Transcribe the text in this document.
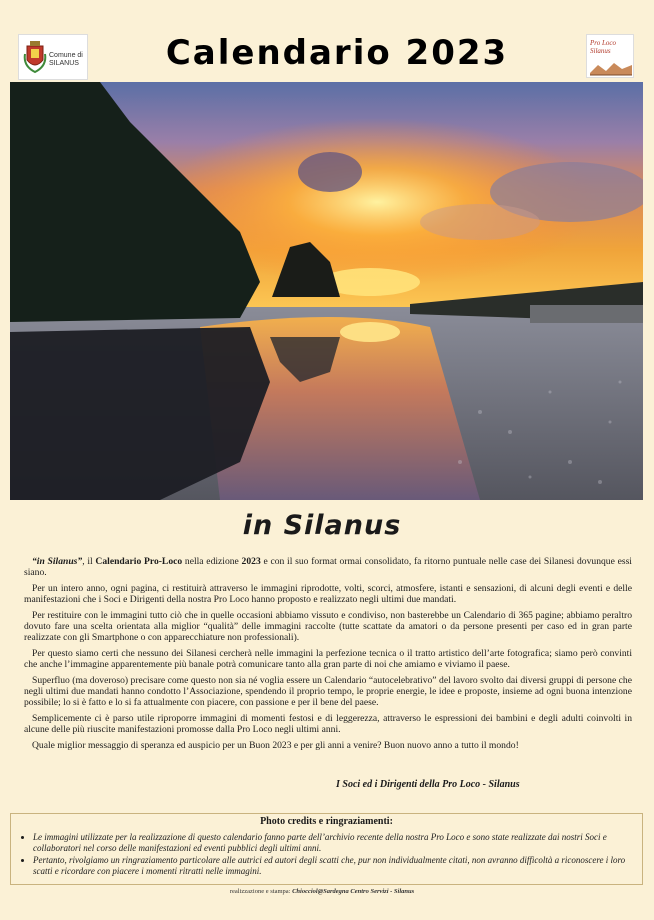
Comune di SILANUS	Calendario 2023	Pro Loco Silanus
in Silanus

“in Silanus”, il Calendario Pro-Loco nella edizione 2023 e con il suo format ormai consolidato, fa ritorno puntuale nelle case dei Silanesi dovunque essi siano.

Per un intero anno, ogni pagina, ci restituirà attraverso le immagini riprodotte, volti, scorci, atmosfere, istanti e sensazioni, di alcuni degli eventi e delle manifestazioni che i Soci e Dirigenti della nostra Pro Loco hanno proposto e realizzato negli ultimi due mandati.

Per restituire con le immagini tutto ciò che in quelle occasioni abbiamo vissuto e condiviso, non basterebbe un Calendario di 365 pagine; abbiamo peraltro dovuto fare una scelta orientata alla miglior “qualità” delle immagini raccolte (tutte scattate da amatori o da persone presenti per caso ed in gran parte realizzate con gli Smartphone o con apparecchiature non professionali).

Per questo siamo certi che nessuno dei Silanesi cercherà nelle immagini la perfezione tecnica o il tratto artistico dell’arte fotografica; siamo però convinti che anche l’immagine apparentemente più banale potrà comunicare tanto alla gran parte di noi che amiamo e viviamo il paese.

Superfluo (ma doveroso) precisare come questo non sia né voglia essere un Calendario “autocelebrativo” del lavoro svolto dai diversi gruppi di persone che negli ultimi due mandati hanno condotto l’Associazione, spendendo il proprio tempo, le proprie energie, le idee e proposte, insieme ad ogni buona intenzione possibile; lo si è fatto e lo si fa attualmente con piacere, con passione e per il bene del paese.

Semplicemente ci è parso utile riproporre immagini di momenti festosi e di leggerezza, attraverso le espressioni dei bambini e degli adulti coinvolti in alcune delle più riuscite manifestazioni promosse dalla Pro Loco negli ultimi anni.

Quale miglior messaggio di speranza ed auspicio per un Buon 2023 e per gli anni a venire? Buon nuovo anno a tutto il mondo!

I Soci ed i Dirigenti della Pro Loco - Silanus
Photo credits e ringraziamenti:
• Le immagini utilizzate per la realizzazione di questo calendario fanno parte dell’archivio recente della nostra Pro Loco e sono state realizzate dai nostri Soci e collaboratori nel corso delle manifestazioni ed eventi pubblici degli ultimi anni.
• Pertanto, rivolgiamo un ringraziamento particolare alle autrici ed autori degli scatti che, pur non individualmente citati, non avranno difficoltà a riconoscere i loro scatti e ricordare con piacere i momenti ritratti nelle immagini.
realizzazione e stampa: Chiocciol@Sardegna Centro Servizi - Silanus
